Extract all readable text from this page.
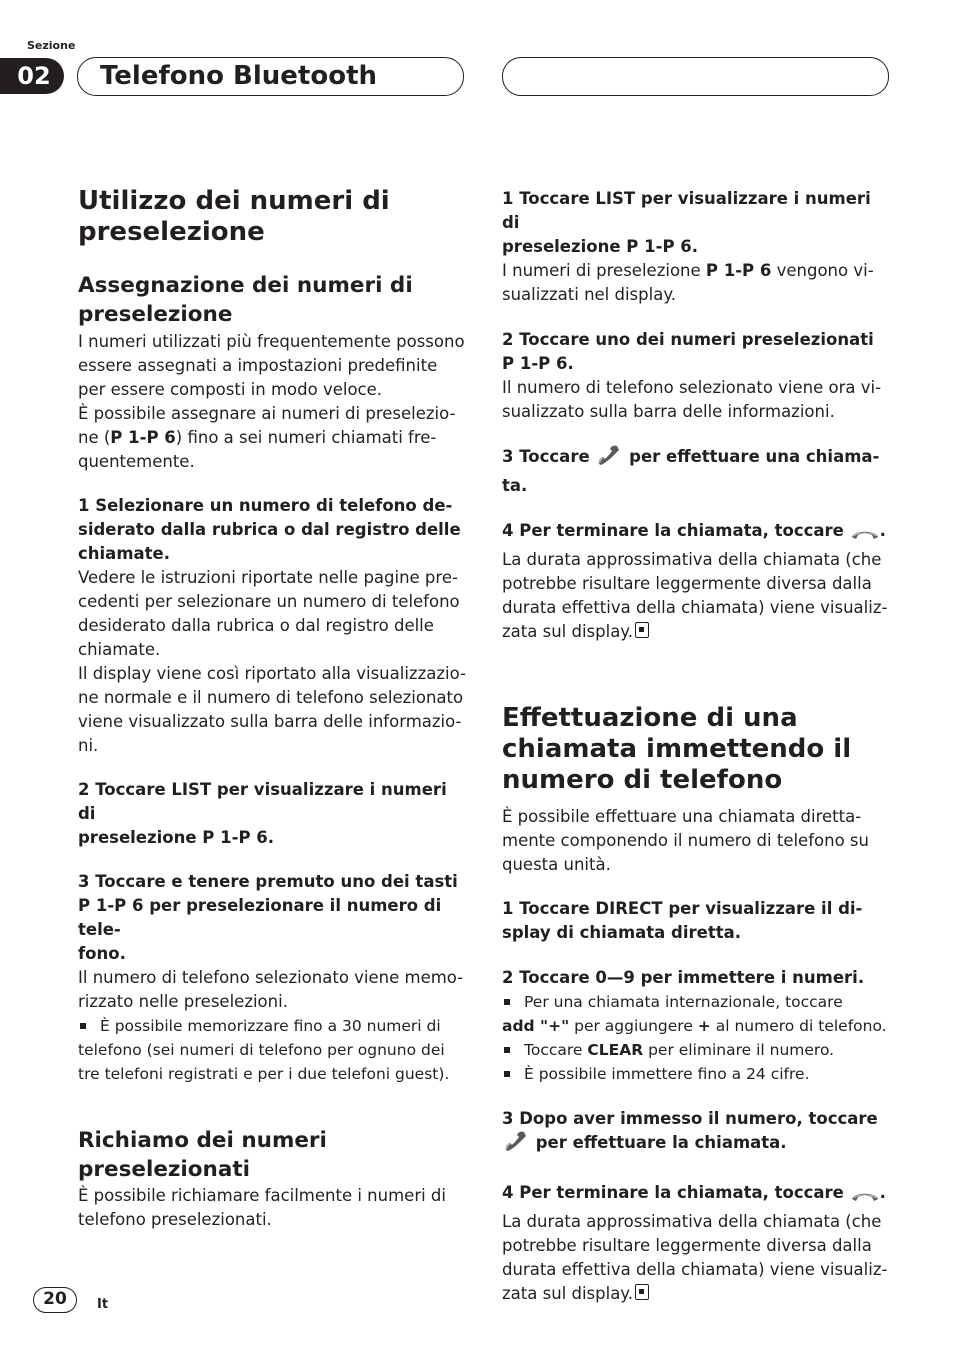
Sezione
02	Telefono Bluetooth
Utilizzo dei numeri di
preselezione
Assegnazione dei numeri di
preselezione

I numeri utilizzati più frequentemente possono
essere assegnati a impostazioni predefinite
per essere composti in modo veloce.
È possibile assegnare ai numeri di preselezio-
ne (P 1-P 6) fino a sei numeri chiamati fre-
quentemente.

1 Selezionare un numero di telefono de-
siderato dalla rubrica o dal registro delle
chiamate.

Vedere le istruzioni riportate nelle pagine pre-
cedenti per selezionare un numero di telefono
desiderato dalla rubrica o dal registro delle
chiamate.
Il display viene così riportato alla visualizzazio-
ne normale e il numero di telefono selezionato
viene visualizzato sulla barra delle informazio-
ni.

2 Toccare LIST per visualizzare i numeri di
preselezione P 1-P 6.

3 Toccare e tenere premuto uno dei tasti
P 1-P 6 per preselezionare il numero di tele-
fono.

Il numero di telefono selezionato viene memo-
rizzato nelle preselezioni.

È possibile memorizzare fino a 30 numeri di
telefono (sei numeri di telefono per ognuno dei
tre telefoni registrati e per i due telefoni guest).

Richiamo dei numeri
preselezionati

È possibile richiamare facilmente i numeri di
telefono preselezionati.

1 Toccare LIST per visualizzare i numeri di
preselezione P 1-P 6.

I numeri di preselezione P 1-P 6 vengono vi-
sualizzati nel display.

2 Toccare uno dei numeri preselezionati
P 1-P 6.

Il numero di telefono selezionato viene ora vi-
sualizzato sulla barra delle informazioni.

3 Toccare  per effettuare una chiama-
ta.

4 Per terminare la chiamata, toccare .

La durata approssimativa della chiamata (che
potrebbe risultare leggermente diversa dalla
durata effettiva della chiamata) viene visualiz-
zata sul display.

Effettuazione di una
chiamata immettendo il
numero di telefono

È possibile effettuare una chiamata diretta-
mente componendo il numero di telefono su
questa unità.

1 Toccare DIRECT per visualizzare il di-
splay di chiamata diretta.

2 Toccare 0—9 per immettere i numeri.

Per una chiamata internazionale, toccare
add "+" per aggiungere + al numero di telefono.
Toccare CLEAR per eliminare il numero.
È possibile immettere fino a 24 cifre.

3 Dopo aver immesso il numero, toccare
per effettuare la chiamata.

4 Per terminare la chiamata, toccare .

La durata approssimativa della chiamata (che
potrebbe risultare leggermente diversa dalla
durata effettiva della chiamata) viene visualiz-
zata sul display.

20	It
